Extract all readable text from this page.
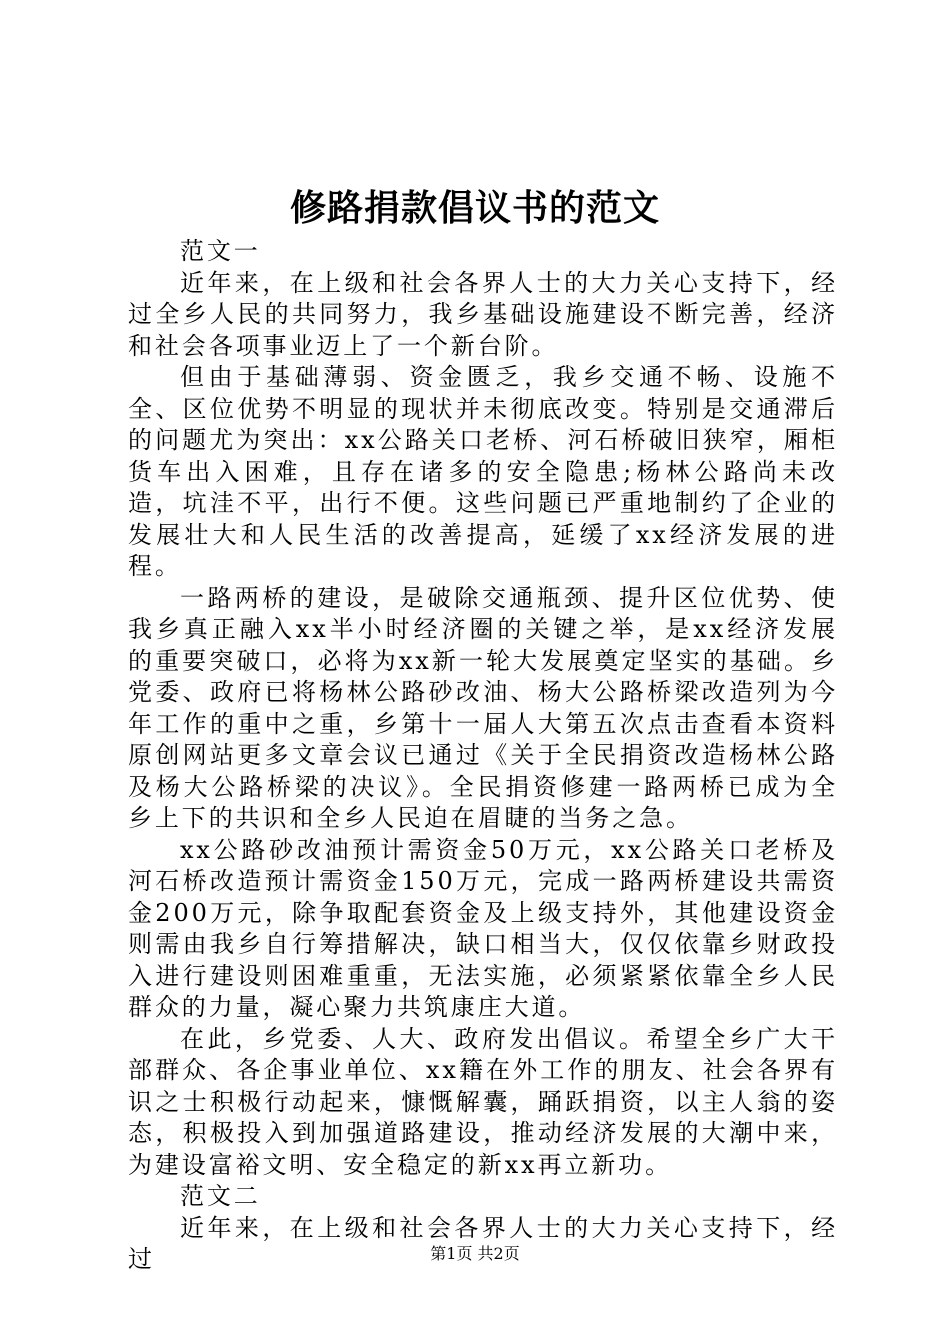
修路捐款倡议书的范文

范文一

近年来，在上级和社会各界人士的大力关心支持下，经过全乡人民的共同努力，我乡基础设施建设不断完善，经济和社会各项事业迈上了一个新台阶。

但由于基础薄弱、资金匮乏，我乡交通不畅、设施不全、区位优势不明显的现状并未彻底改变。特别是交通滞后的问题尤为突出：xx公路关口老桥、河石桥破旧狭窄，厢柜货车出入困难，且存在诸多的安全隐患;杨林公路尚未改造，坑洼不平，出行不便。这些问题已严重地制约了企业的发展壮大和人民生活的改善提高，延缓了xx经济发展的进程。

一路两桥的建设，是破除交通瓶颈、提升区位优势、使我乡真正融入xx半小时经济圈的关键之举，是xx经济发展的重要突破口，必将为xx新一轮大发展奠定坚实的基础。乡党委、政府已将杨林公路砂改油、杨大公路桥梁改造列为今年工作的重中之重，乡第十一届人大第五次点击查看本资料原创网站更多文章会议已通过《关于全民捐资改造杨林公路及杨大公路桥梁的决议》。全民捐资修建一路两桥已成为全乡上下的共识和全乡人民迫在眉睫的当务之急。

xx公路砂改油预计需资金50万元，xx公路关口老桥及河石桥改造预计需资金150万元，完成一路两桥建设共需资金200万元，除争取配套资金及上级支持外，其他建设资金则需由我乡自行筹措解决，缺口相当大，仅仅依靠乡财政投入进行建设则困难重重，无法实施，必须紧紧依靠全乡人民群众的力量，凝心聚力共筑康庄大道。

在此，乡党委、人大、政府发出倡议。希望全乡广大干部群众、各企事业单位、xx籍在外工作的朋友、社会各界有识之士积极行动起来，慷慨解囊，踊跃捐资，以主人翁的姿态，积极投入到加强道路建设，推动经济发展的大潮中来，为建设富裕文明、安全稳定的新xx再立新功。

范文二

近年来，在上级和社会各界人士的大力关心支持下，经过	第1页 共2页
